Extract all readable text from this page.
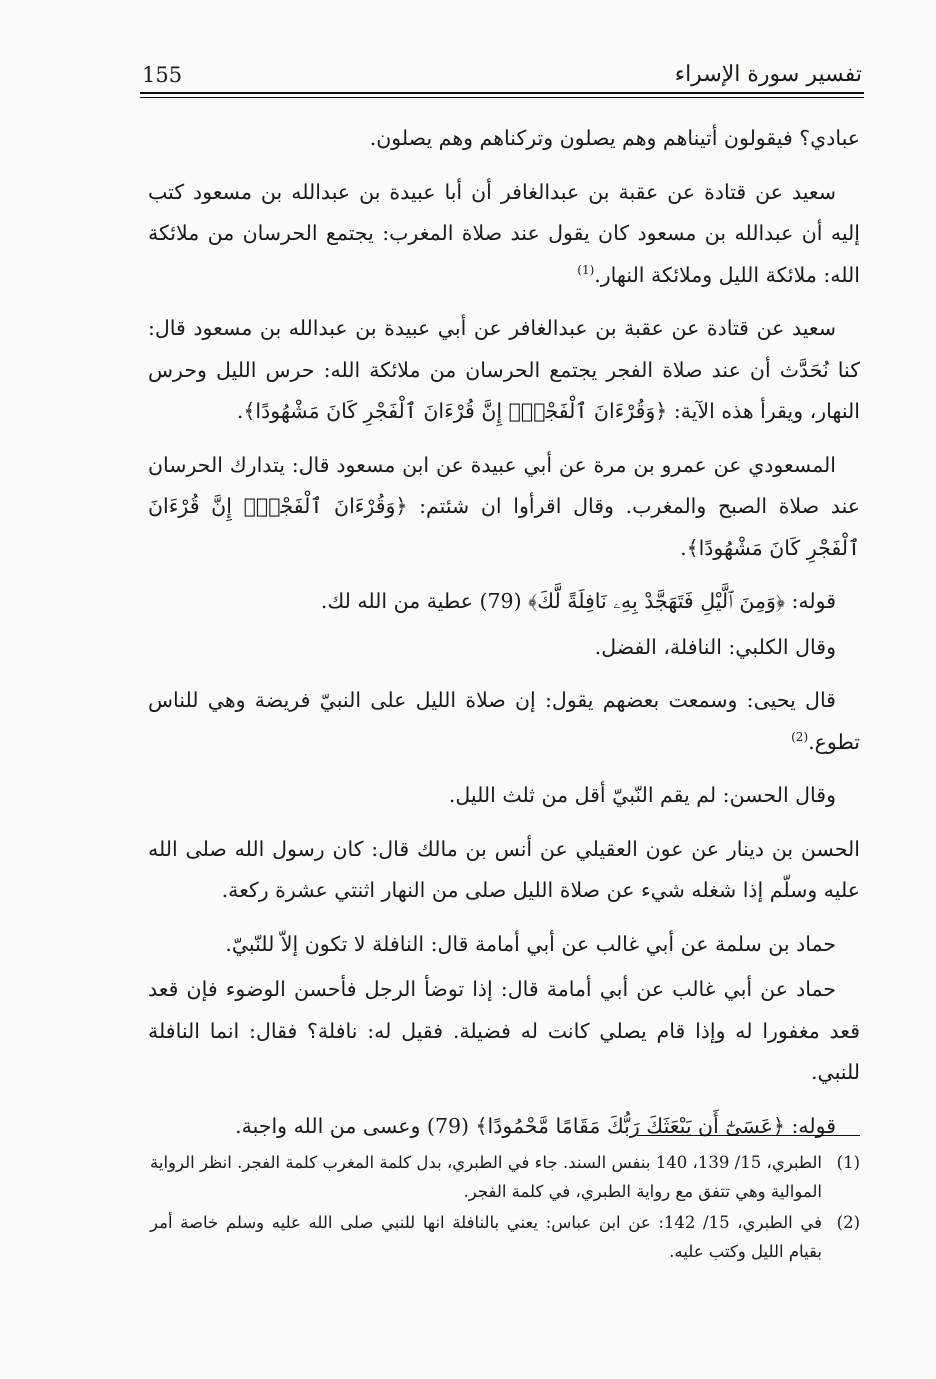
155	تفسير سورة الإسراء

عبادي؟ فيقولون أتيناهم وهم يصلون وتركناهم وهم يصلون.

سعيد عن قتادة عن عقبة بن عبدالغافر أن أبا عبيدة بن عبدالله بن مسعود كتب إليه أن عبدالله بن مسعود كان يقول عند صلاة المغرب: يجتمع الحرسان من ملائكة الله: ملائكة الليل وملائكة النهار.$^{(1)}$

سعيد عن قتادة عن عقبة بن عبدالغافر عن أبي عبيدة بن عبدالله بن مسعود قال: كنا نُحَدَّث أن عند صلاة الفجر يجتمع الحرسان من ملائكة الله: حرس الليل وحرس النهار، ويقرأ هذه الآية: ﴿وَقُرْءَانَ ٱلْفَجْرِۖ إِنَّ قُرْءَانَ ٱلْفَجْرِ كَانَ مَشْهُودًا﴾.

المسعودي عن عمرو بن مرة عن أبي عبيدة عن ابن مسعود قال: يتدارك الحرسان عند صلاة الصبح والمغرب. وقال اقرأوا ان شئتم: ﴿وَقُرْءَانَ ٱلْفَجْرِۖ إِنَّ قُرْءَانَ ٱلْفَجْرِ كَانَ مَشْهُودًا﴾.

قوله: ﴿وَمِنَ ٱلَّيْلِ فَتَهَجَّدْ بِهِۦ نَافِلَةً لَّكَ﴾ (79) عطية من الله لك.

وقال الكلبي: النافلة، الفضل.

قال يحيى: وسمعت بعضهم يقول: إن صلاة الليل على النبيّ فريضة وهي للناس تطوع.$^{(2)}$

وقال الحسن: لم يقم النّبيّ أقل من ثلث الليل.

الحسن بن دينار عن عون العقيلي عن أنس بن مالك قال: كان رسول الله صلى الله عليه وسلّم إذا شغله شيء عن صلاة الليل صلى من النهار اثنتي عشرة ركعة.

حماد بن سلمة عن أبي غالب عن أبي أمامة قال: النافلة لا تكون إلاّ للنّبيّ.

حماد عن أبي غالب عن أبي أمامة قال: إذا توضأ الرجل فأحسن الوضوء فإن قعد قعد مغفورا له وإذا قام يصلي كانت له فضيلة. فقيل له: نافلة؟ فقال: انما النافلة للنبي.

قوله: ﴿عَسَىٰٓ أَن يَبْعَثَكَ رَبُّكَ مَقَامًا مَّحْمُودًا﴾ (79) وعسى من الله واجبة.

(1)
الطبري، 15/ 139، 140 بنفس السند. جاء في الطبري، بدل كلمة المغرب كلمة الفجر. انظر الرواية الموالية وهي تتفق مع رواية الطبري، في كلمة الفجر.
(2)
في الطبري، 15/ 142: عن ابن عباس: يعني بالنافلة انها للنبي صلى الله عليه وسلم خاصة أمر بقيام الليل وكتب عليه.
